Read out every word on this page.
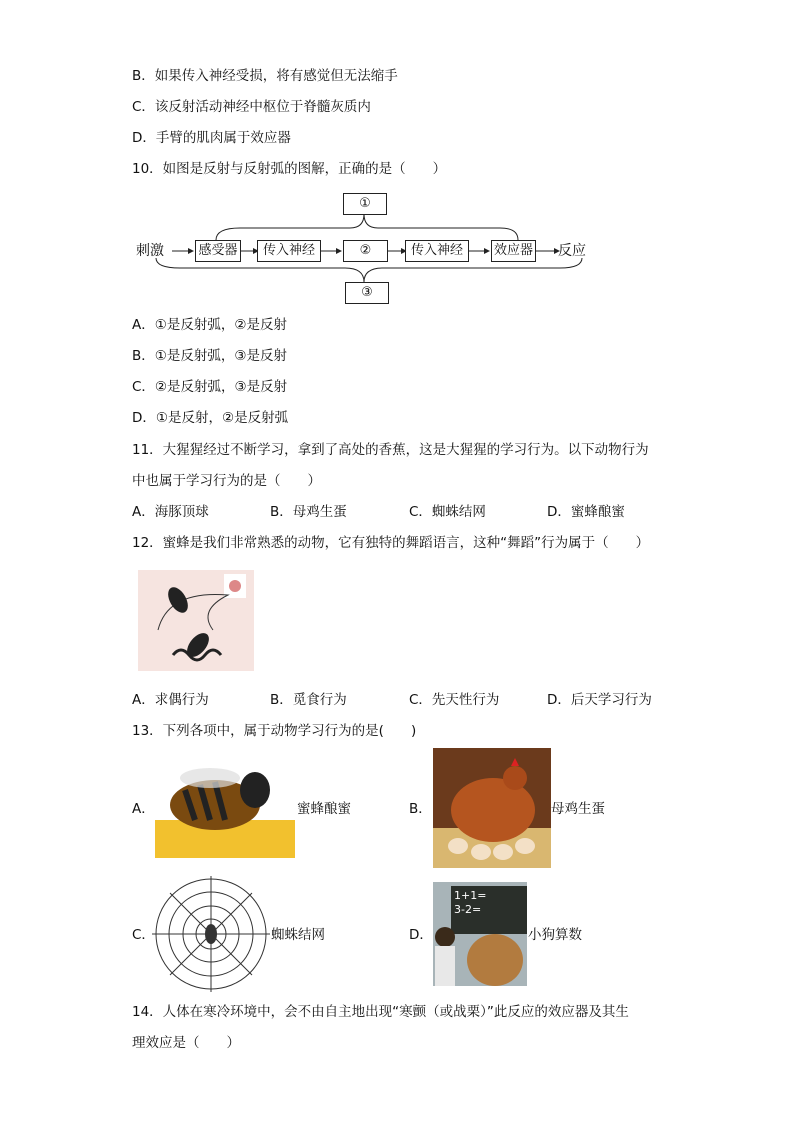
B．如果传入神经受损，将有感觉但无法缩手
C．该反射活动神经中枢位于脊髓灰质内
D．手臂的肌肉属于效应器
10．如图是反射与反射弧的图解，正确的是（　　）
刺激	反应
①
③
感受器	传入神经	②	传入神经	效应器
A．①是反射弧，②是反射
B．①是反射弧，③是反射
C．②是反射弧，③是反射
D．①是反射，②是反射弧
11．大猩猩经过不断学习，拿到了高处的香蕉，这是大猩猩的学习行为。以下动物行为
中也属于学习行为的是（　　）
A．海豚顶球	B．母鸡生蛋	C．蜘蛛结网	D．蜜蜂酿蜜
12．蜜蜂是我们非常熟悉的动物，它有独特的舞蹈语言，这种“舞蹈”行为属于（　　）
A．求偶行为	B．觅食行为	C．先天性行为	D．后天学习行为
13．下列各项中，属于动物学习行为的是(　　)
A．	蜜蜂酿蜜	B．	母鸡生蛋
C．	蜘蛛结网	D．
1+1=
3-2=
小狗算数
14．人体在寒冷环境中，会不由自主地出现“寒颤（或战栗）”此反应的效应器及其生
理效应是（　　）
